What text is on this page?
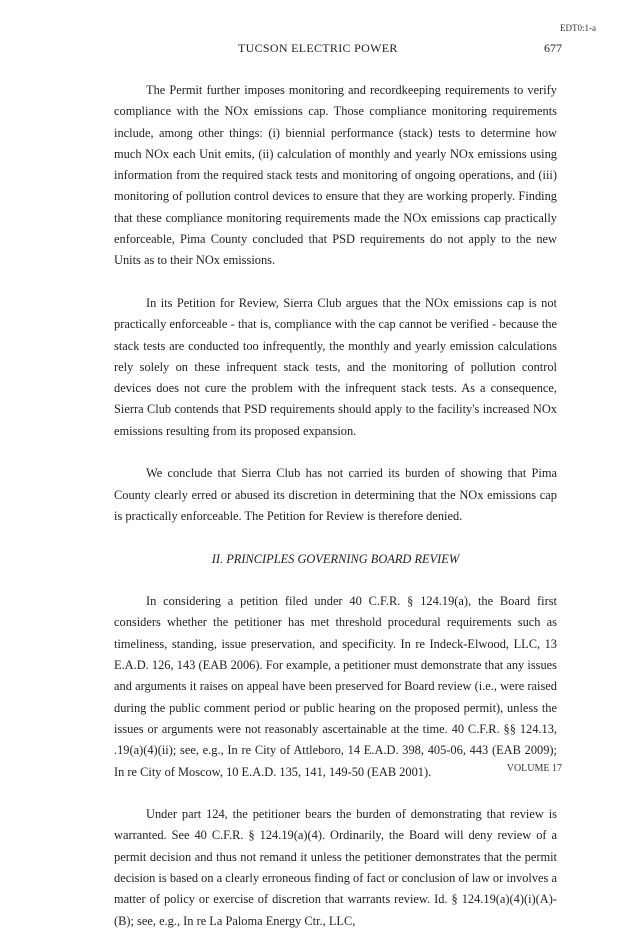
EDT0:1-a
TUCSON ELECTRIC POWER	677

The Permit further imposes monitoring and recordkeeping requirements to verify compliance with the NOx emissions cap. Those compliance monitoring requirements include, among other things: (i) biennial performance (stack) tests to determine how much NOx each Unit emits, (ii) calculation of monthly and yearly NOx emissions using information from the required stack tests and monitoring of ongoing operations, and (iii) monitoring of pollution control devices to ensure that they are working properly. Finding that these compliance monitoring requirements made the NOx emissions cap practically enforceable, Pima County concluded that PSD requirements do not apply to the new Units as to their NOx emissions.

In its Petition for Review, Sierra Club argues that the NOx emissions cap is not practically enforceable - that is, compliance with the cap cannot be verified - because the stack tests are conducted too infrequently, the monthly and yearly emission calculations rely solely on these infrequent stack tests, and the monitoring of pollution control devices does not cure the problem with the infrequent stack tests. As a consequence, Sierra Club contends that PSD requirements should apply to the facility's increased NOx emissions resulting from its proposed expansion.

We conclude that Sierra Club has not carried its burden of showing that Pima County clearly erred or abused its discretion in determining that the NOx emissions cap is practically enforceable. The Petition for Review is therefore denied.

II. PRINCIPLES GOVERNING BOARD REVIEW

In considering a petition filed under 40 C.F.R. § 124.19(a), the Board first considers whether the petitioner has met threshold procedural requirements such as timeliness, standing, issue preservation, and specificity. In re Indeck-Elwood, LLC, 13 E.A.D. 126, 143 (EAB 2006). For example, a petitioner must demonstrate that any issues and arguments it raises on appeal have been preserved for Board review (i.e., were raised during the public comment period or public hearing on the proposed permit), unless the issues or arguments were not reasonably ascertainable at the time. 40 C.F.R. §§ 124.13, .19(a)(4)(ii); see, e.g., In re City of Attleboro, 14 E.A.D. 398, 405-06, 443 (EAB 2009); In re City of Moscow, 10 E.A.D. 135, 141, 149-50 (EAB 2001).

Under part 124, the petitioner bears the burden of demonstrating that review is warranted. See 40 C.F.R. § 124.19(a)(4). Ordinarily, the Board will deny review of a permit decision and thus not remand it unless the petitioner demonstrates that the permit decision is based on a clearly erroneous finding of fact or conclusion of law or involves a matter of policy or exercise of discretion that warrants review. Id. § 124.19(a)(4)(i)(A)-(B); see, e.g., In re La Paloma Energy Ctr., LLC,

VOLUME 17
